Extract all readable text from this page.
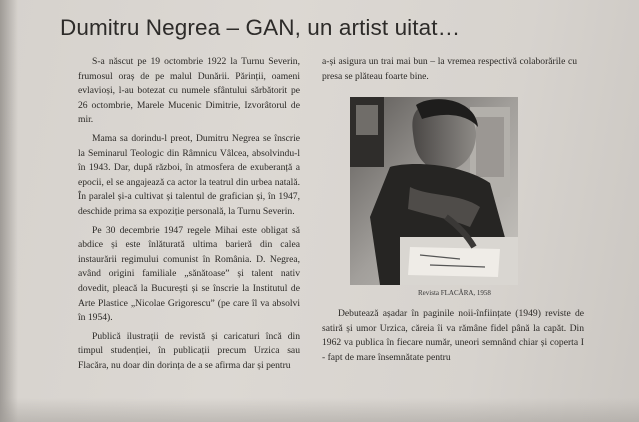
Dumitru Negrea – GAN, un artist uitat…

S-a născut pe 19 octombrie 1922 la Turnu Severin, frumosul oraș de pe malul Dunării. Părinții, oameni evlavioși, l-au botezat cu numele sfântului sărbătorit pe 26 octombrie, Marele Mucenic Dimitrie, Izvorâtorul de mir.

Mama sa dorindu-l preot, Dumitru Negrea se înscrie la Seminarul Teologic din Râmnicu Vâlcea, absolvindu-l în 1943. Dar, după război, în atmosfera de exuberanță a epocii, el se angajează ca actor la teatrul din urbea natală. În paralel și-a cultivat și talentul de grafician și, în 1947, deschide prima sa expoziție personală, la Turnu Severin.

Pe 30 decembrie 1947 regele Mihai este obligat să abdice și este înlăturată ultima barieră din calea instaurării regimului comunist în România. D. Negrea, având origini familiale „sănătoase” și talent nativ dovedit, pleacă la București și se înscrie la Institutul de Arte Plastice „Nicolae Grigorescu” (pe care îl va absolvi în 1954).

Publică ilustrații de revistă și caricaturi încă din timpul studenției, în publicații precum Urzica sau Flacăra, nu doar din dorința de a se afirma dar și pentru

a-și asigura un trai mai bun – la vremea respectivă colaborările cu presa se plăteau foarte bine.

Revista FLACĂRA, 1958

Debutează așadar în paginile noii-înființate (1949) reviste de satiră și umor Urzica, căreia îi va rămâne fidel până la capăt. Din 1962 va publica în fiecare număr, uneori semnând chiar și coperta I - fapt de mare însemnătate pentru
